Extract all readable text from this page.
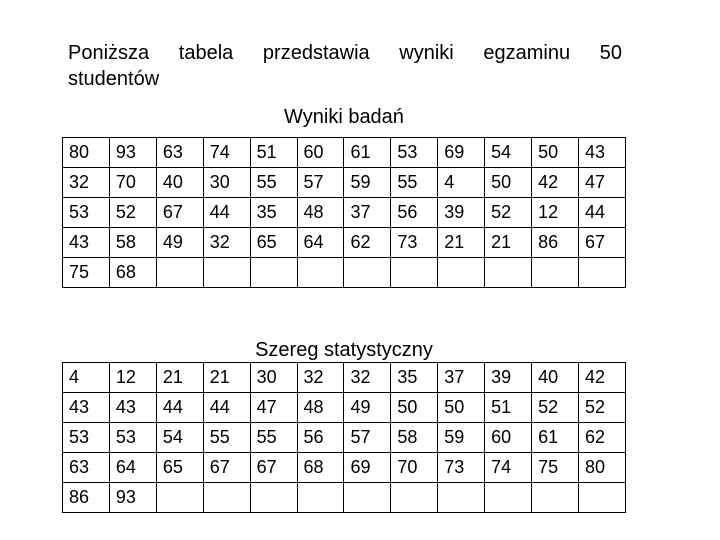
Poniższa tabela przedstawia wyniki egzaminu 50
studentów
Wyniki badań
80	93	63	74	51	60	61	53	69	54	50	43
32	70	40	30	55	57	59	55	4	50	42	47
53	52	67	44	35	48	37	56	39	52	12	44
43	58	49	32	65	64	62	73	21	21	86	67
75	68										
Szereg statystyczny
4	12	21	21	30	32	32	35	37	39	40	42
43	43	44	44	47	48	49	50	50	51	52	52
53	53	54	55	55	56	57	58	59	60	61	62
63	64	65	67	67	68	69	70	73	74	75	80
86	93										
